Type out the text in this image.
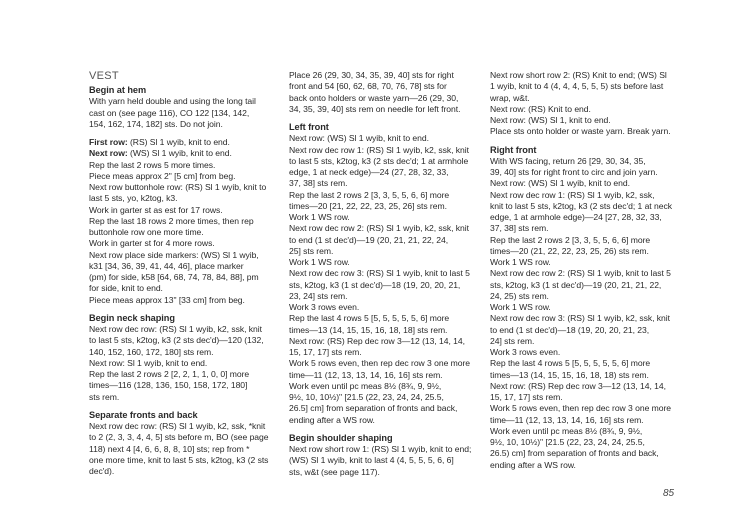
VEST

Begin at hem

With yarn held double and using the long tail
cast on (see page 116), CO 122 [134, 142,
154, 162, 174, 182] sts. Do not join.

First row: (RS) Sl 1 wyib, knit to end.
Next row: (WS) Sl 1 wyib, knit to end.
Rep the last 2 rows 5 more times.
Piece meas approx 2" [5 cm] from beg.
Next row buttonhole row: (RS) Sl 1 wyib, knit to
last 5 sts, yo, k2tog, k3.
Work in garter st as est for 17 rows.
Rep the last 18 rows 2 more times, then rep
buttonhole row one more time.
Work in garter st for 4 more rows.
Next row place side markers: (WS) Sl 1 wyib,
k31 [34, 36, 39, 41, 44, 46], place marker
(pm) for side, k58 [64, 68, 74, 78, 84, 88], pm
for side, knit to end.
Piece meas approx 13" [33 cm] from beg.

Begin neck shaping

Next row dec row: (RS) Sl 1 wyib, k2, ssk, knit
to last 5 sts, k2tog, k3 (2 sts dec'd)—120 (132,
140, 152, 160, 172, 180] sts rem.
Next row: Sl 1 wyib, knit to end.
Rep the last 2 rows 2 [2, 2, 1, 1, 0, 0] more
times—116 (128, 136, 150, 158, 172, 180]
sts rem.

Separate fronts and back

Next row dec row: (RS) Sl 1 wyib, k2, ssk, *knit
to 2 (2, 3, 3, 4, 4, 5] sts before m, BO (see page
118) next 4 [4, 6, 6, 8, 8, 10] sts; rep from *
one more time, knit to last 5 sts, k2tog, k3 (2 sts
dec'd).

Place 26 (29, 30, 34, 35, 39, 40] sts for right
front and 54 [60, 62, 68, 70, 76, 78] sts for
back onto holders or waste yarn—26 (29, 30,
34, 35, 39, 40] sts rem on needle for left front.

Left front

Next row: (WS) Sl 1 wyib, knit to end.
Next row dec row 1: (RS) Sl 1 wyib, k2, ssk, knit
to last 5 sts, k2tog, k3 (2 sts dec'd; 1 at armhole
edge, 1 at neck edge)—24 (27, 28, 32, 33,
37, 38] sts rem.
Rep the last 2 rows 2 [3, 3, 5, 5, 6, 6] more
times—20 [21, 22, 22, 23, 25, 26] sts rem.
Work 1 WS row.
Next row dec row 2: (RS) Sl 1 wyib, k2, ssk, knit
to end (1 st dec'd)—19 (20, 21, 21, 22, 24,
25] sts rem.
Work 1 WS row.
Next row dec row 3: (RS) Sl 1 wyib, knit to last 5
sts, k2tog, k3 (1 st dec'd)—18 (19, 20, 20, 21,
23, 24] sts rem.
Work 3 rows even.
Rep the last 4 rows 5 [5, 5, 5, 5, 5, 6] more
times—13 (14, 15, 15, 16, 18, 18] sts rem.
Next row: (RS) Rep dec row 3—12 (13, 14, 14,
15, 17, 17] sts rem.
Work 5 rows even, then rep dec row 3 one more
time—11 (12, 13, 13, 14, 16, 16] sts rem.
Work even until pc meas 8½ (8¾, 9, 9½,
9½, 10, 10½)" [21.5 (22, 23, 24, 24, 25.5,
26.5] cm] from separation of fronts and back,
ending after a WS row.

Begin shoulder shaping

Next row short row 1: (RS) Sl 1 wyib, knit to end;
(WS) Sl 1 wyib, knit to last 4 (4, 5, 5, 5, 6, 6]
sts, w&t (see page 117).

Next row short row 2: (RS) Knit to end; (WS) Sl
1 wyib, knit to 4 (4, 4, 4, 5, 5, 5) sts before last
wrap, w&t.
Next row: (RS) Knit to end.
Next row: (WS) Sl 1, knit to end.
Place sts onto holder or waste yarn. Break yarn.

Right front

With WS facing, return 26 [29, 30, 34, 35,
39, 40] sts for right front to circ and join yarn.
Next row: (WS) Sl 1 wyib, knit to end.
Next row dec row 1: (RS) Sl 1 wyib, k2, ssk,
knit to last 5 sts, k2tog, k3 (2 sts dec'd; 1 at neck
edge, 1 at armhole edge)—24 [27, 28, 32, 33,
37, 38] sts rem.
Rep the last 2 rows 2 [3, 3, 5, 5, 6, 6] more
times—20 (21, 22, 22, 23, 25, 26) sts rem.
Work 1 WS row.
Next row dec row 2: (RS) Sl 1 wyib, knit to last 5
sts, k2tog, k3 (1 st dec'd)—19 (20, 21, 21, 22,
24, 25) sts rem.
Work 1 WS row.
Next row dec row 3: (RS) Sl 1 wyib, k2, ssk, knit
to end (1 st dec'd)—18 (19, 20, 20, 21, 23,
24] sts rem.
Work 3 rows even.
Rep the last 4 rows 5 [5, 5, 5, 5, 5, 6] more
times—13 (14, 15, 15, 16, 18, 18) sts rem.
Next row: (RS) Rep dec row 3—12 (13, 14, 14,
15, 17, 17] sts rem.
Work 5 rows even, then rep dec row 3 one more
time—11 (12, 13, 13, 14, 16, 16] sts rem.
Work even until pc meas 8½ (8¾, 9, 9½,
9½, 10, 10½)" [21.5 (22, 23, 24, 24, 25.5,
26.5) cm] from separation of fronts and back,
ending after a WS row.

85
